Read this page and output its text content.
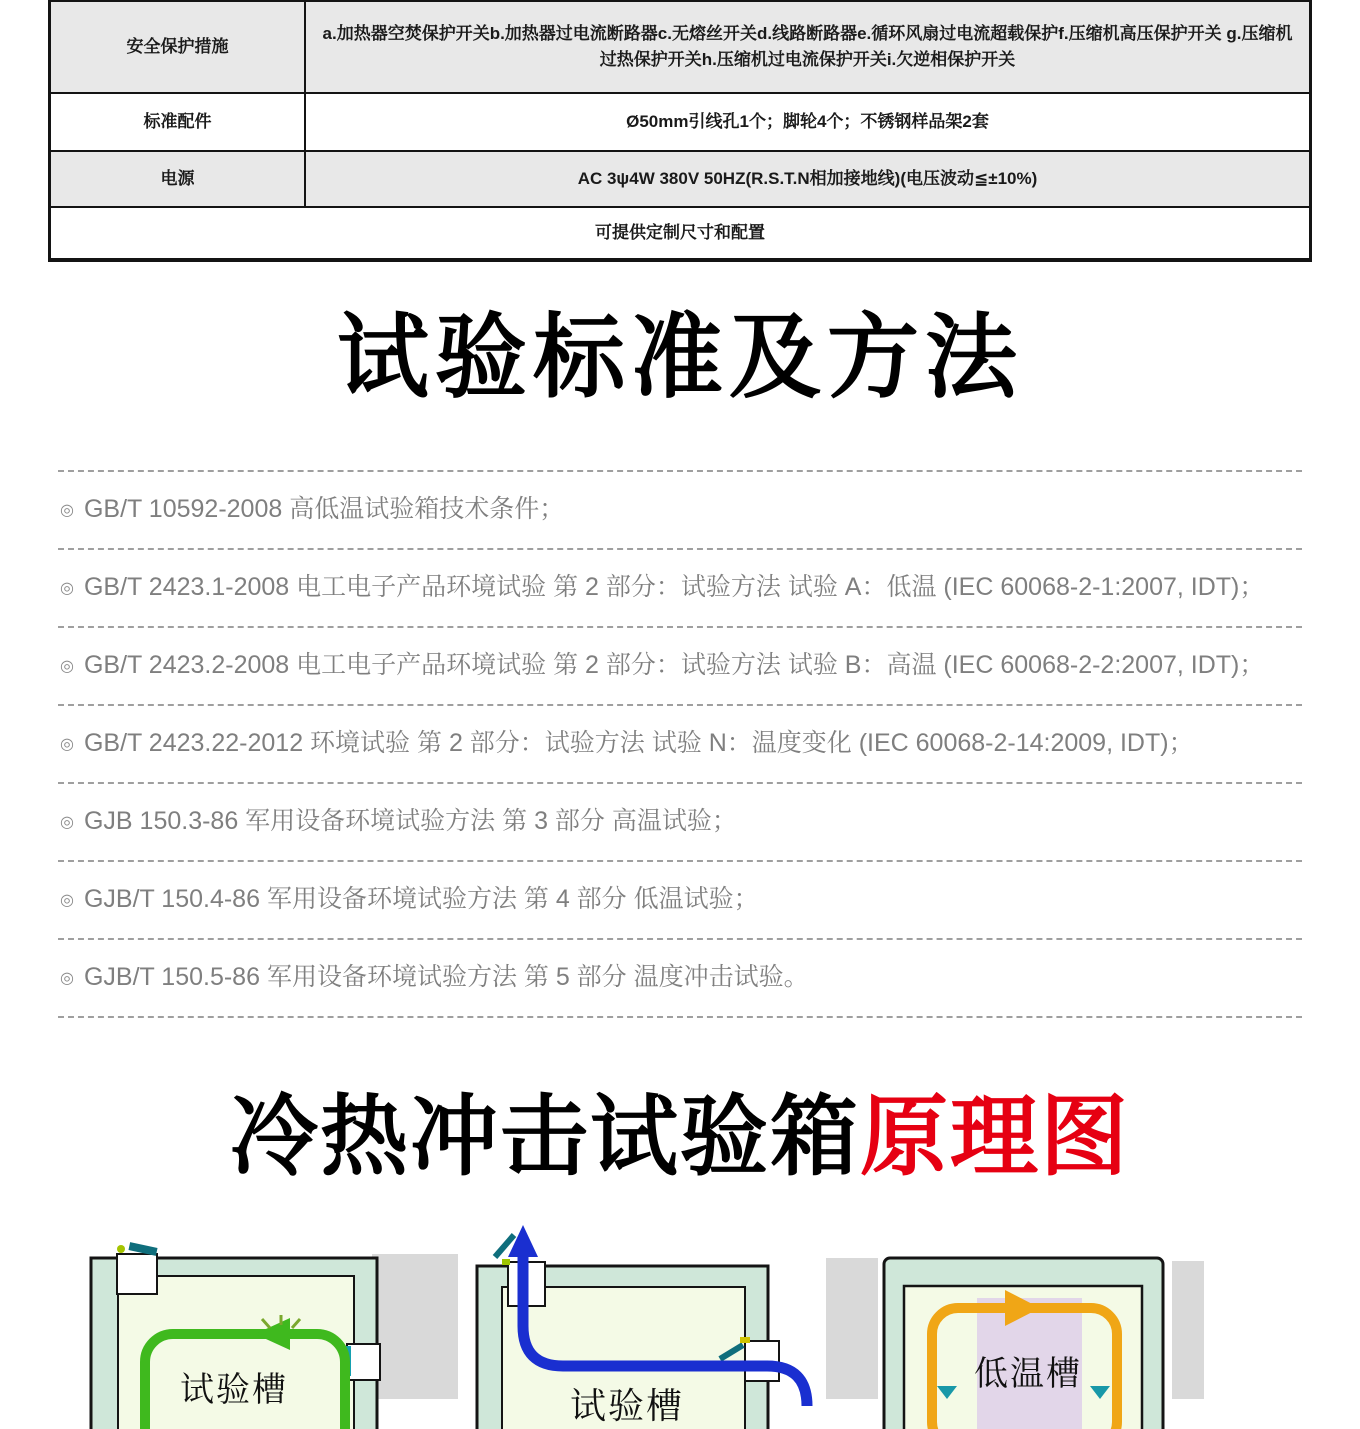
安全保护措施	a.加热器空焚保护开关b.加热器过电流断路器c.无熔丝开关d.线路断路器e.循环风扇过电流超载保护f.压缩机高压保护开关 g.压缩机过热保护开关h.压缩机过电流保护开关i.欠逆相保护开关
标准配件	Ø50mm引线孔1个；脚轮4个；不锈钢样品架2套
电源	AC 3ψ4W 380V 50HZ(R.S.T.N相加接地线)(电压波动≦±10%)
可提供定制尺寸和配置	
试验标准及方法
◎ GB/T 10592-2008 高低温试验箱技术条件；
◎ GB/T 2423.1-2008 电工电子产品环境试验 第 2 部分：试验方法 试验 A：低温 (IEC 60068-2-1:2007, IDT)；
◎ GB/T 2423.2-2008 电工电子产品环境试验 第 2 部分：试验方法 试验 B：高温 (IEC 60068-2-2:2007, IDT)；
◎ GB/T 2423.22-2012 环境试验 第 2 部分：试验方法 试验 N：温度变化 (IEC 60068-2-14:2009, IDT)；
◎ GJB 150.3-86 军用设备环境试验方法 第 3 部分 高温试验；
◎ GJB/T 150.4-86 军用设备环境试验方法 第 4 部分 低温试验；
◎ GJB/T 150.5-86 军用设备环境试验方法 第 5 部分 温度冲击试验。
冷热冲击试验箱原理图
试验槽	试验槽
低温槽
